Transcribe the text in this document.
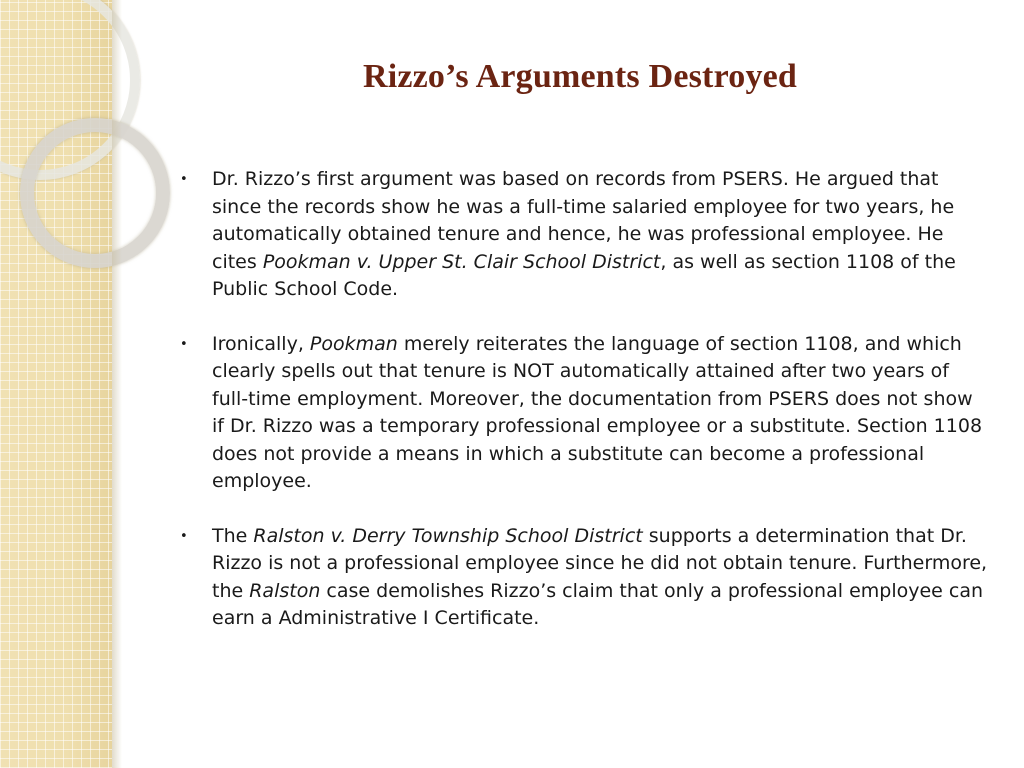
Rizzo’s Arguments Destroyed
• Dr. Rizzo’s first argument was based on records from PSERS. He argued that since the records show he was a full-time salaried employee for two years, he automatically obtained tenure and hence, he was professional employee. He cites Pookman v. Upper St. Clair School District, as well as section 1108 of the Public School Code.
• Ironically, Pookman merely reiterates the language of section 1108, and which clearly spells out that tenure is NOT automatically attained after two years of full-time employment. Moreover, the documentation from PSERS does not show if Dr. Rizzo was a temporary professional employee or a substitute. Section 1108 does not provide a means in which a substitute can become a professional employee.
• The Ralston v. Derry Township School District supports a determination that Dr. Rizzo is not a professional employee since he did not obtain tenure. Furthermore, the Ralston case demolishes Rizzo’s claim that only a professional employee can earn a Administrative I Certificate.
